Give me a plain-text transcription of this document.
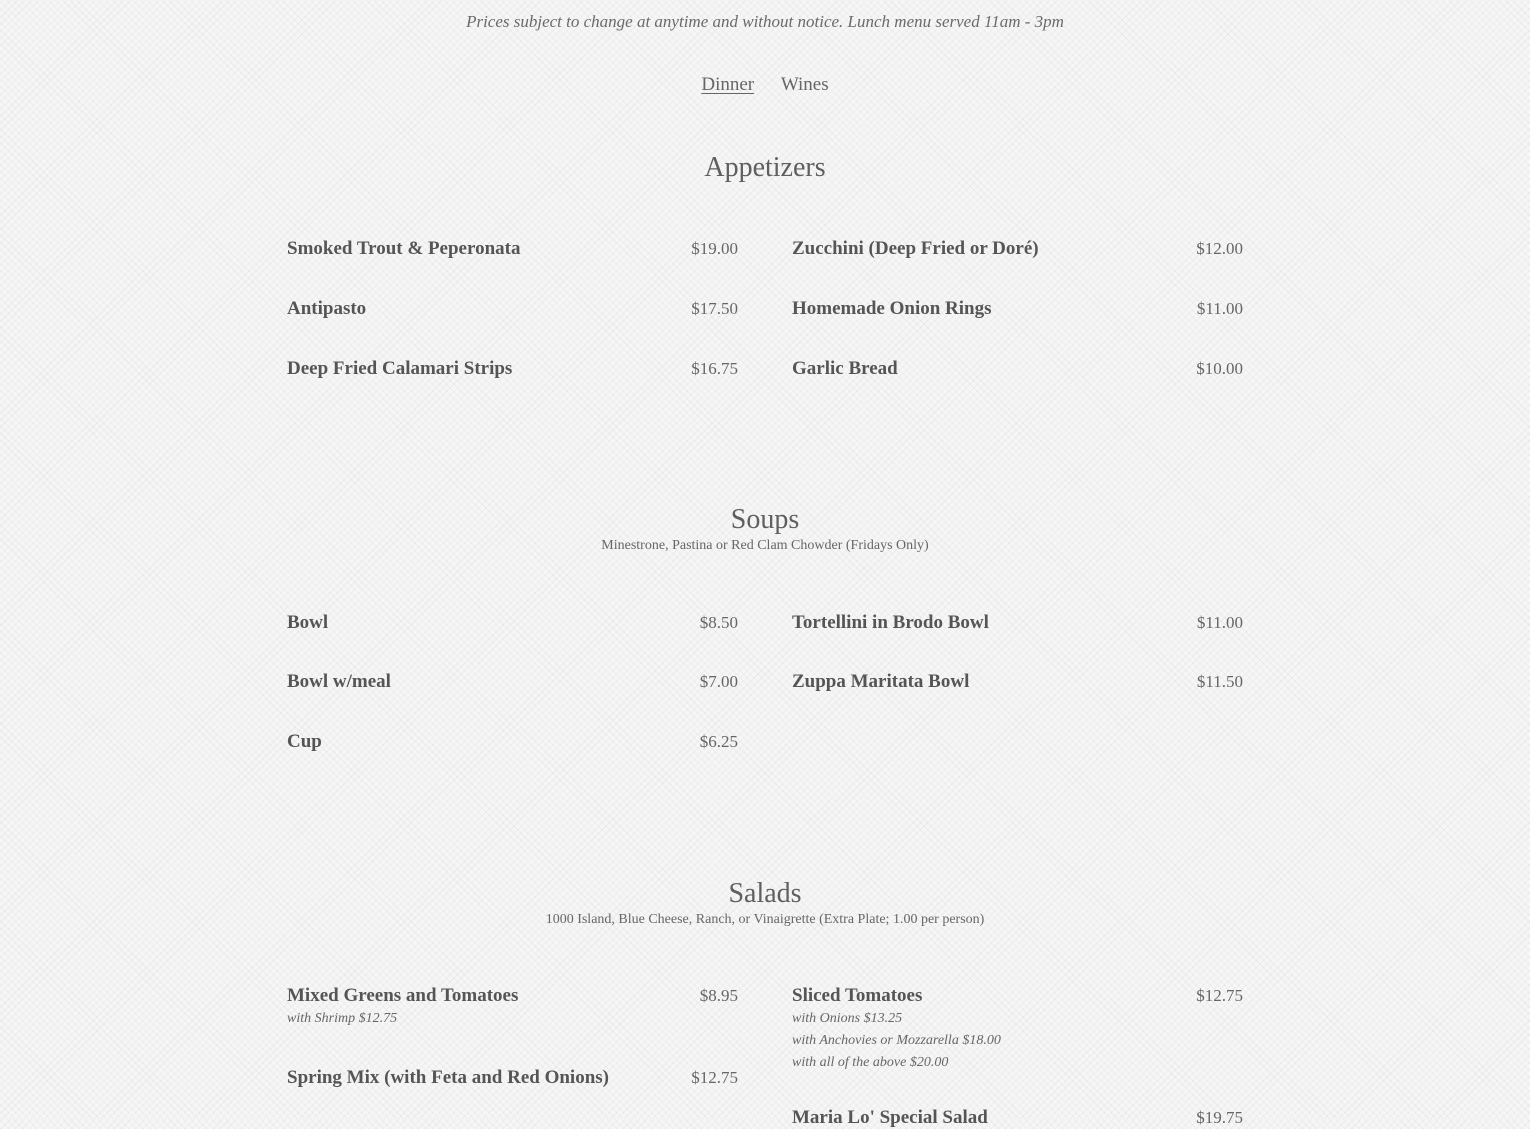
Prices subject to change at anytime and without notice. Lunch menu served 11am - 3pm
Dinner Wines
Appetizers
Smoked Trout & Peperonata	$19.00
Antipasto	$17.50
Deep Fried Calamari Strips	$16.75
Zucchini (Deep Fried or Doré)	$12.00
Homemade Onion Rings	$11.00
Garlic Bread	$10.00
Soups
Minestrone, Pastina or Red Clam Chowder (Fridays Only)
Bowl	$8.50
Bowl w/meal	$7.00
Cup	$6.25
Tortellini in Brodo Bowl	$11.00
Zuppa Maritata Bowl	$11.50
Salads
1000 Island, Blue Cheese, Ranch, or Vinaigrette (Extra Plate; 1.00 per person)
Mixed Greens and Tomatoes	$8.95
with Shrimp $12.75
Spring Mix (with Feta and Red Onions)	$12.75
Sliced Tomatoes	$12.75
with Onions $13.25
with Anchovies or Mozzarella $18.00
with all of the above $20.00
Maria Lo' Special Salad	$19.75
